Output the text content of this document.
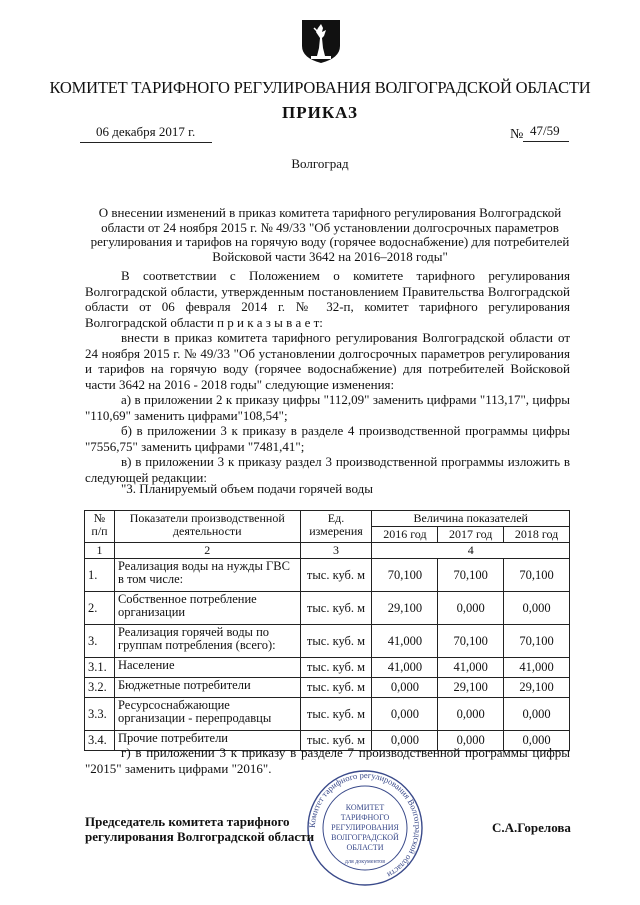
КОМИТЕТ ТАРИФНОГО РЕГУЛИРОВАНИЯ ВОЛГОГРАДСКОЙ ОБЛАСТИ
ПРИКАЗ
06 декабря 2017 г.	№ 47/59
Волгоград
О внесении изменений в приказ комитета тарифного регулирования Волгоградской области от 24 ноября 2015 г. № 49/33 "Об установлении долгосрочных параметров регулирования и тарифов на горячую воду (горячее водоснабжение) для потребителей Войсковой части 3642 на 2016–2018 годы"
В соответствии с Положением о комитете тарифного регулирования Волгоградской области, утвержденным постановлением Правительства Волгоградской области от 06 февраля 2014 г. № 32-п, комитет тарифного регулирования Волгоградской области п р и к а з ы в а е т:
внести в приказ комитета тарифного регулирования Волгоградской области от 24 ноября 2015 г. № 49/33 "Об установлении долгосрочных параметров регулирования и тарифов на горячую воду (горячее водоснабжение) для потребителей Войсковой части 3642 на 2016 - 2018 годы" следующие изменения:
а) в приложении 2 к приказу цифры "112,09" заменить цифрами "113,17", цифры "110,69" заменить цифрами"108,54";
б) в приложении 3 к приказу в разделе 4 производственной программы цифры "7556,75" заменить цифрами "7481,41";
в) в приложении 3 к приказу раздел 3 производственной программы изложить в следующей редакции:
"3. Планируемый объем подачи горячей воды
№ п/п	Показатели производственной деятельности	Ед. измерения	Величина показателей		
			2016 год	2017 год	2018 год
1	2	3	4		
1.	Реализация воды на нужды ГВС в том числе:	тыс. куб. м	70,100	70,100	70,100
2.	Собственное потребление организации	тыс. куб. м	29,100	0,000	0,000
3.	Реализация горячей воды по группам потребления (всего):	тыс. куб. м	41,000	70,100	70,100
3.1.	Население	тыс. куб. м	41,000	41,000	41,000
3.2.	Бюджетные потребители	тыс. куб. м	0,000	29,100	29,100
3.3.	Ресурсоснабжающие организации - перепродавцы	тыс. куб. м	0,000	0,000	0,000
3.4.	Прочие потребители	тыс. куб. м	0,000	0,000	0,000
г) в приложении 3 к приказу в разделе 7 производственной программы цифры "2015" заменить цифрами "2016".
Комитет тарифного регулирования Волгоградской области
КОМИТЕТ
ТАРИФНОГО
РЕГУЛИРОВАНИЯ
ВОЛГОГРАДСКОЙ
ОБЛАСТИ
для документов
Председатель комитета тарифного
регулирования Волгоградской области
С.А.Горелова
